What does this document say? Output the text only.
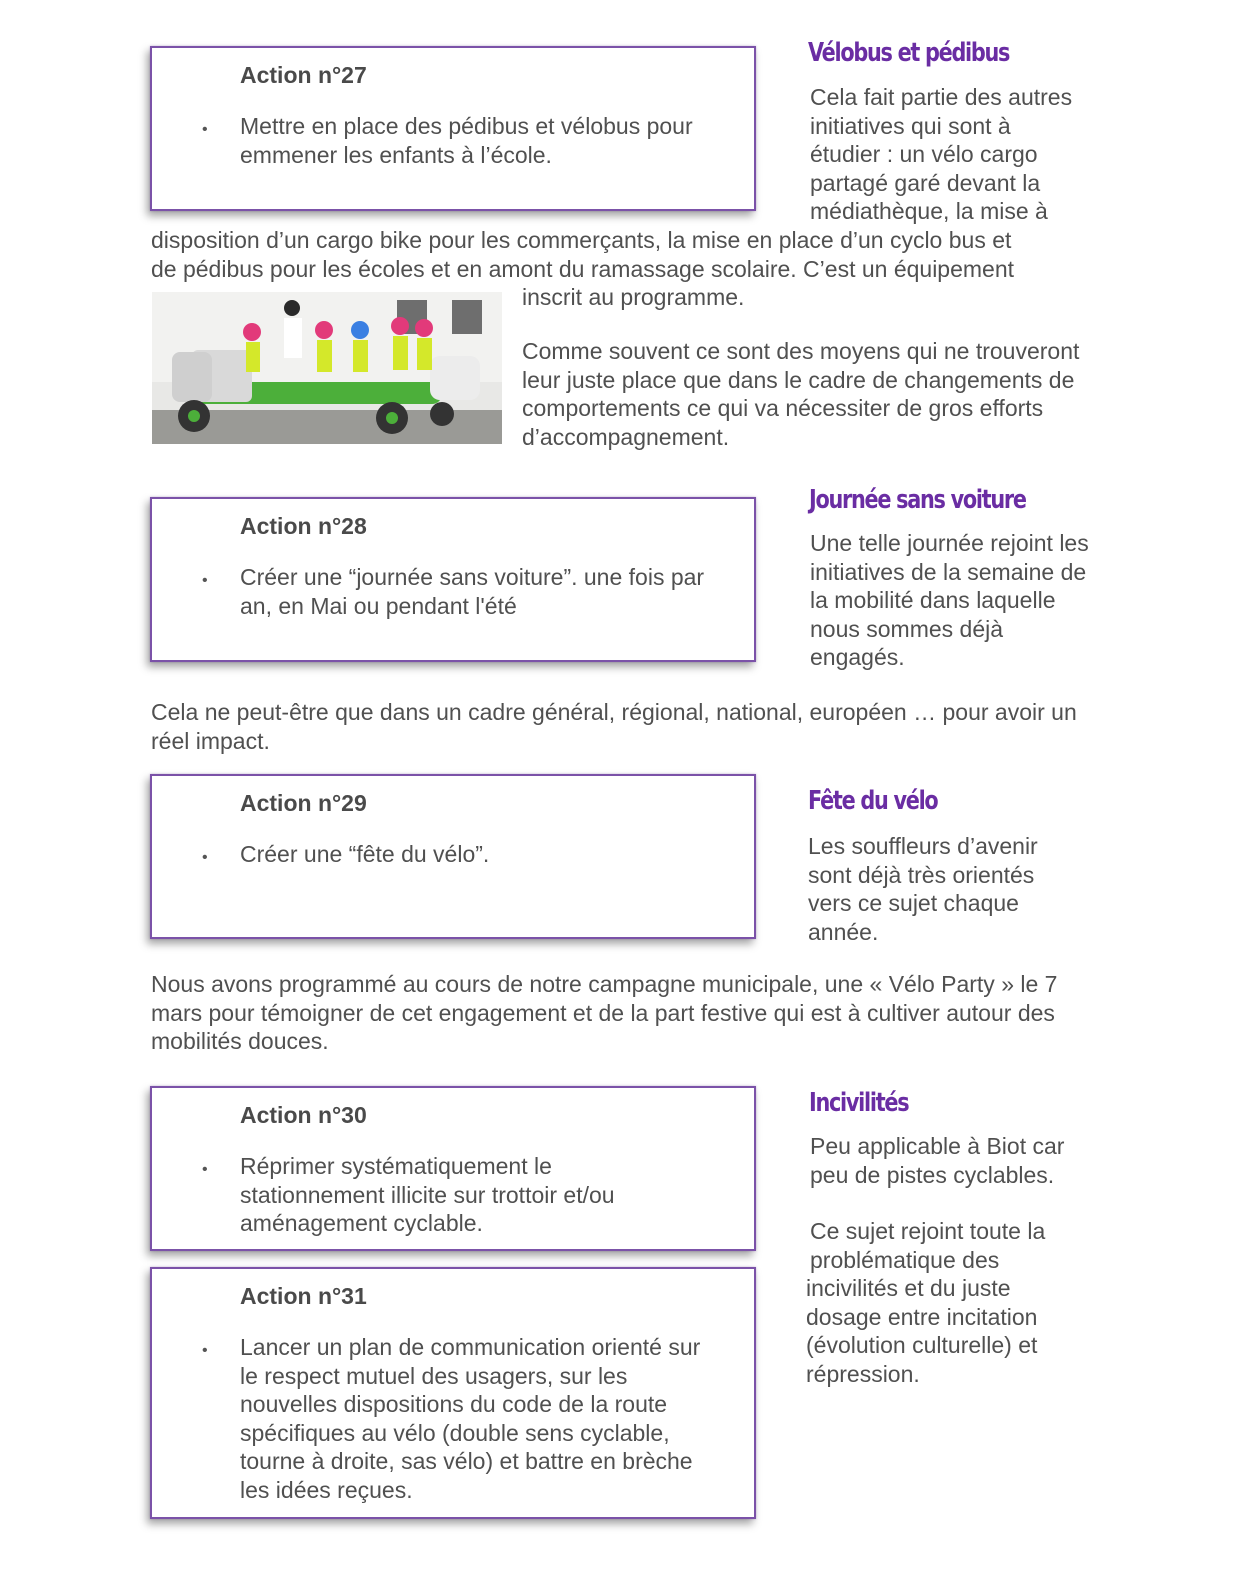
Action n°27
• Mettre en place des pédibus et vélobus pour emmener les enfants à l’école.
Vélobus et pédibus

Cela fait partie des autres

initiatives qui sont à

étudier : un vélo cargo

partagé garé devant la

médiathèque, la mise à

disposition d’un cargo bike pour les commerçants, la mise en place d’un cyclo bus et

de pédibus pour les écoles et en amont du ramassage scolaire. C’est un équipement

inscrit au programme.

Comme souvent ce sont des moyens qui ne trouveront leur juste place que dans le cadre de changements de comportements ce qui va nécessiter de gros efforts d’accompagnement.

Action n°28
• Créer une “journée sans voiture”. une fois par an, en Mai ou pendant l'été
Journée sans voiture

Une telle journée rejoint les initiatives de la semaine de la mobilité dans laquelle nous sommes déjà engagés.

Cela ne peut-être que dans un cadre général, régional, national, européen … pour avoir un réel impact.

Action n°29
• Créer une “fête du vélo”.
Fête du vélo

Les souffleurs d’avenir sont déjà très orientés vers ce sujet chaque année.

Nous avons programmé au cours de notre campagne municipale, une « Vélo Party » le 7 mars pour témoigner de cet engagement et de la part festive qui est à cultiver autour des mobilités douces.

Action n°30
• Réprimer systématiquement le stationnement illicite sur trottoir et/ou aménagement cyclable.
Action n°31
• Lancer un plan de communication orienté sur le respect mutuel des usagers, sur les nouvelles dispositions du code de la route spécifiques au vélo (double sens cyclable, tourne à droite, sas vélo) et battre en brèche les idées reçues.
Incivilités

Peu applicable à Biot car peu de pistes cyclables.

Ce sujet rejoint toute la

problématique des

incivilités et du juste

dosage entre incitation

(évolution culturelle) et

répression.
